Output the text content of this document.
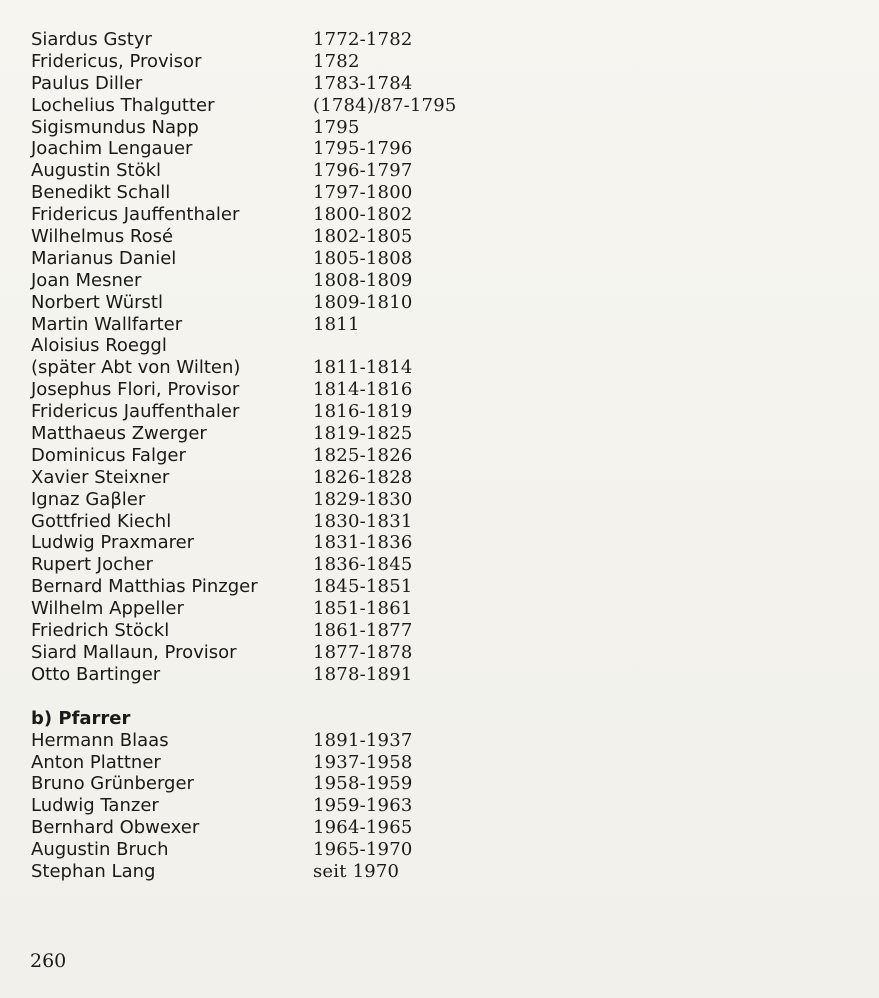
Siardus Gstyr	1772-1782
Fridericus, Provisor	1782
Paulus Diller	1783-1784
Lochelius Thalgutter	(1784)/87-1795
Sigismundus Napp	1795
Joachim Lengauer	1795-1796
Augustin Stökl	1796-1797
Benedikt Schall	1797-1800
Fridericus Jauffenthaler	1800-1802
Wilhelmus Rosé	1802-1805
Marianus Daniel	1805-1808
Joan Mesner	1808-1809
Norbert Würstl	1809-1810
Martin Wallfarter	1811
Aloisius Roeggl
(später Abt von Wilten)	1811-1814
Josephus Flori, Provisor	1814-1816
Fridericus Jauffenthaler	1816-1819
Matthaeus Zwerger	1819-1825
Dominicus Falger	1825-1826
Xavier Steixner	1826-1828
Ignaz Gaβler	1829-1830
Gottfried Kiechl	1830-1831
Ludwig Praxmarer	1831-1836
Rupert Jocher	1836-1845
Bernard Matthias Pinzger	1845-1851
Wilhelm Appeller	1851-1861
Friedrich Stöckl	1861-1877
Siard Mallaun, Provisor	1877-1878
Otto Bartinger	1878-1891
b) Pfarrer
Hermann Blaas	1891-1937
Anton Plattner	1937-1958
Bruno Grünberger	1958-1959
Ludwig Tanzer	1959-1963
Bernhard Obwexer	1964-1965
Augustin Bruch	1965-1970
Stephan Lang	seit 1970
260
